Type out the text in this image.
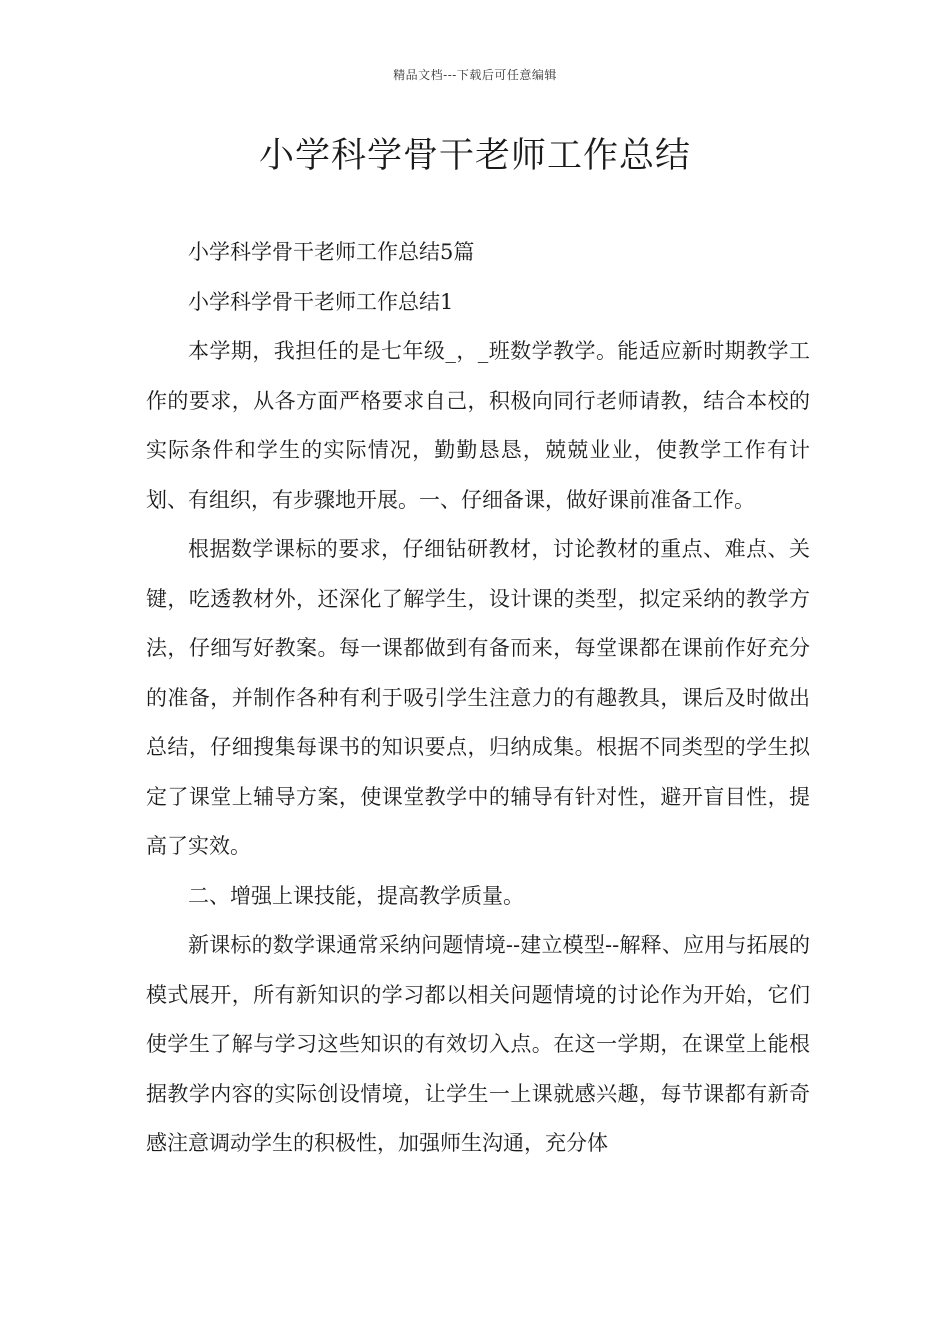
精品文档---下载后可任意编辑
小学科学骨干老师工作总结

小学科学骨干老师工作总结5篇

小学科学骨干老师工作总结1

本学期，我担任的是七年级_，_班数学教学。能适应新时期教学工作的要求，从各方面严格要求自己，积极向同行老师请教，结合本校的实际条件和学生的实际情况，勤勤恳恳，兢兢业业，使教学工作有计划、有组织，有步骤地开展。一、仔细备课，做好课前准备工作。

根据数学课标的要求，仔细钻研教材，讨论教材的重点、难点、关键，吃透教材外，还深化了解学生，设计课的类型，拟定采纳的教学方法，仔细写好教案。每一课都做到有备而来，每堂课都在课前作好充分的准备，并制作各种有利于吸引学生注意力的有趣教具，课后及时做出总结，仔细搜集每课书的知识要点，归纳成集。根据不同类型的学生拟定了课堂上辅导方案，使课堂教学中的辅导有针对性，避开盲目性，提高了实效。

二、增强上课技能，提高教学质量。

新课标的数学课通常采纳问题情境--建立模型--解释、应用与拓展的模式展开，所有新知识的学习都以相关问题情境的讨论作为开始，它们使学生了解与学习这些知识的有效切入点。在这一学期，在课堂上能根据教学内容的实际创设情境，让学生一上课就感兴趣，每节课都有新奇感注意调动学生的积极性，加强师生沟通，充分体
